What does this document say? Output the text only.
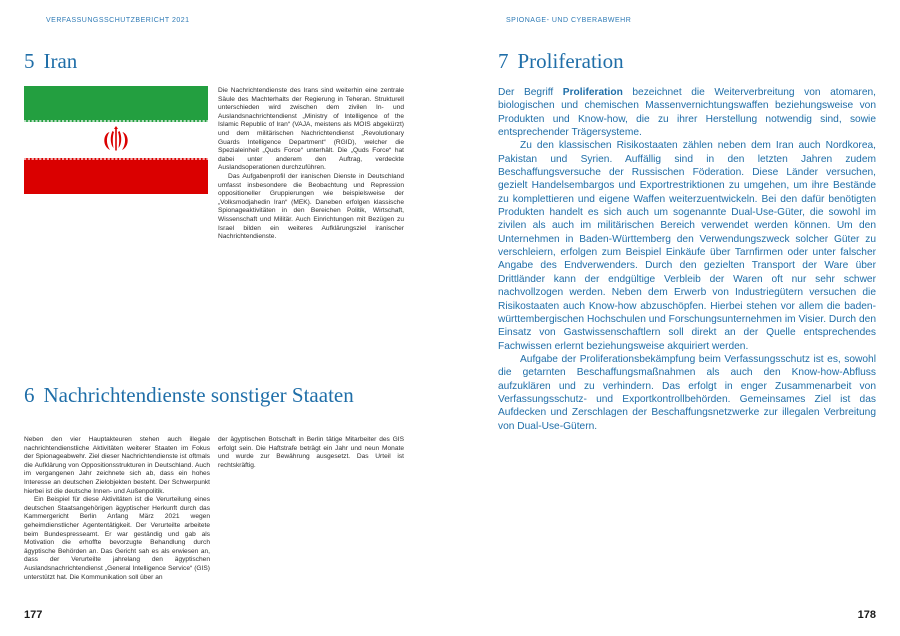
VERFASSUNGSSCHUTZBERICHT 2021
5 Iran

Die Nachrichtendienste des Irans sind weiterhin eine zentrale Säule des Machterhalts der Regierung in Teheran. Strukturell unterschieden wird zwischen dem zivilen In- und Auslandsnachrichtendienst „Ministry of Intelligence of the Islamic Republic of Iran“ (VAJA, meistens als MOIS abgekürzt) und dem militärischen Nachrichtendienst „Revolutionary Guards Intelligence Department“ (RGID), welcher die Spezialeinheit „Quds Force“ unterhält. Die „Quds Force“ hat dabei unter anderem den Auftrag, verdeckte Auslandsoperationen durchzuführen.

Das Aufgabenprofil der iranischen Dienste in Deutschland umfasst insbesondere die Beobachtung und Repression oppositioneller Gruppierungen wie beispielsweise der „Volksmodjahedin Iran“ (MEK). Daneben erfolgen klassische Spionageaktivitäten in den Bereichen Politik, Wirtschaft, Wissenschaft und Militär. Auch Einrichtungen mit Bezügen zu Israel bilden ein weiteres Aufklärungsziel iranischer Nachrichtendienste.

6 Nachrichtendienste sonstiger Staaten

Neben den vier Hauptakteuren stehen auch illegale nachrichtendienstliche Aktivitäten weiterer Staaten im Fokus der Spionageabwehr. Ziel dieser Nachrichtendienste ist oftmals die Aufklärung von Oppositionsstrukturen in Deutschland. Auch im vergangenen Jahr zeichnete sich ab, dass ein hohes Interesse an deutschen Zielobjekten besteht. Der Schwerpunkt hierbei ist die deutsche Innen- und Außenpolitik.

Ein Beispiel für diese Aktivitäten ist die Verurteilung eines deutschen Staatsangehörigen ägyptischer Herkunft durch das Kammergericht Berlin Anfang März 2021 wegen geheimdienstlicher Agententätigkeit. Der Verurteilte arbeitete beim Bundespresseamt. Er war geständig und gab als Motivation die erhoffte bevorzugte Behandlung durch ägyptische Behörden an. Das Gericht sah es als erwiesen an, dass der Verurteilte jahrelang den ägyptischen Auslandsnachrichtendienst „General Intelligence Service“ (GIS) unterstützt hat. Die Kommunikation soll über an

der ägyptischen Botschaft in Berlin tätige Mitarbeiter des GIS erfolgt sein. Die Haftstrafe beträgt ein Jahr und neun Monate und wurde zur Bewährung ausgesetzt. Das Urteil ist rechtskräftig.

177
SPIONAGE- UND CYBERABWEHR
7 Proliferation

Der Begriff Proliferation bezeichnet die Weiterverbreitung von atomaren, biologischen und chemischen Massenvernichtungswaffen beziehungsweise von Produkten und Know-how, die zu ihrer Herstellung notwendig sind, sowie entsprechender Trägersysteme.

Zu den klassischen Risikostaaten zählen neben dem Iran auch Nordkorea, Pakistan und Syrien. Auffällig sind in den letzten Jahren zudem Beschaffungsversuche der Russischen Föderation. Diese Länder versuchen, gezielt Handelsembargos und Exportrestriktionen zu umgehen, um ihre Bestände zu komplettieren und eigene Waffen weiterzuentwickeln. Bei den dafür benötigten Produkten handelt es sich auch um sogenannte Dual-Use-Güter, die sowohl im zivilen als auch im militärischen Bereich verwendet werden können. Um den Unternehmen in Baden-Württemberg den Verwendungszweck solcher Güter zu verschleiern, erfolgen zum Beispiel Einkäufe über Tarnfirmen oder unter falscher Angabe des Endverwenders. Durch den gezielten Transport der Ware über Drittländer kann der endgültige Verbleib der Waren oft nur sehr schwer nachvollzogen werden. Neben dem Erwerb von Industriegütern versuchen die Risikostaaten auch Know-how abzuschöpfen. Hierbei stehen vor allem die baden-württembergischen Hochschulen und Forschungsunternehmen im Visier. Durch den Einsatz von Gastwissenschaftlern soll direkt an der Quelle entsprechendes Fachwissen erlernt beziehungsweise akquiriert werden.

Aufgabe der Proliferationsbekämpfung beim Verfassungsschutz ist es, sowohl die getarnten Beschaffungsmaßnahmen als auch den Know-how-Abfluss aufzuklären und zu verhindern. Das erfolgt in enger Zusammenarbeit von Verfassungsschutz- und Exportkontrollbehörden. Gemeinsames Ziel ist das Aufdecken und Zerschlagen der Beschaffungsnetzwerke zur illegalen Verbreitung von Dual-Use-Gütern.

178
